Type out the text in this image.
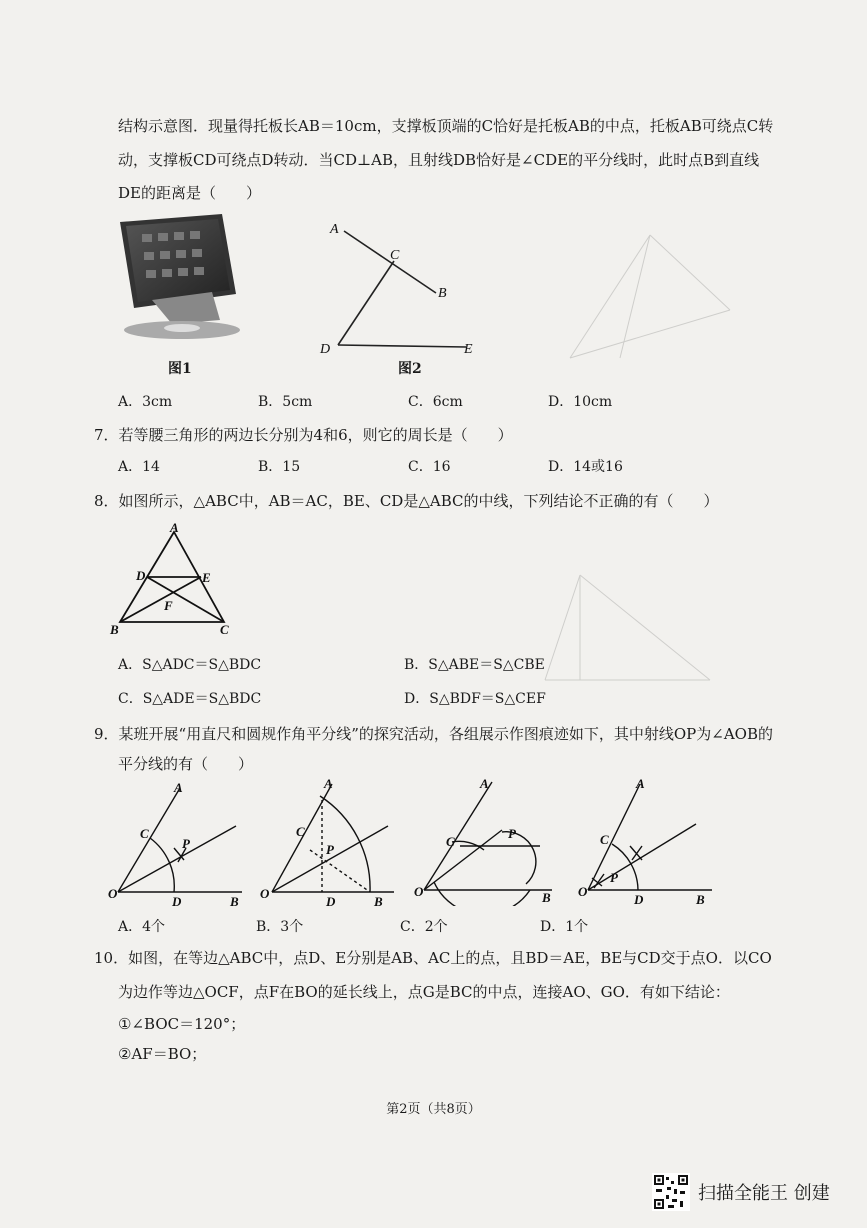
结构示意图．现量得托板长AB＝10cm，支撑板顶端的C恰好是托板AB的中点，托板AB可绕点C转
动，支撑板CD可绕点D转动．当CD⊥AB，且射线DB恰好是∠CDE的平分线时，此时点B到直线
DE的距离是（　　）
图1
A
C
B
D	E
图2
A．3cm	B．5cm	C．6cm	D．10cm
7．若等腰三角形的两边长分别为4和6，则它的周长是（　　）
A．14	B．15	C．16	D．14或16
8．如图所示，△ABC中，AB＝AC，BE、CD是△ABC的中线，下列结论不正确的有（　　）
A
D	E
F
B	C
A．S△ADC＝S△BDC	B．S△ABE＝S△CBE
C．S△ADE＝S△BDC	D．S△BDF＝S△CEF
9．某班开展“用直尺和圆规作角平分线”的探究活动，各组展示作图痕迹如下，其中射线OP为∠AOB的
平分线的有（　　）
A
C
P
O
D	B
A
C
P
O
D	B
A
C
P
O	B
A
C
P
O
D	B
A．4个	B．3个	C．2个	D．1个
10．如图，在等边△ABC中，点D、E分别是AB、AC上的点，且BD＝AE，BE与CD交于点O．以CO
为边作等边△OCF，点F在BO的延长线上，点G是BC的中点，连接AO、GO．有如下结论：
①∠BOC＝120°；
②AF＝BO；
第2页（共8页）
扫描全能王 创建
